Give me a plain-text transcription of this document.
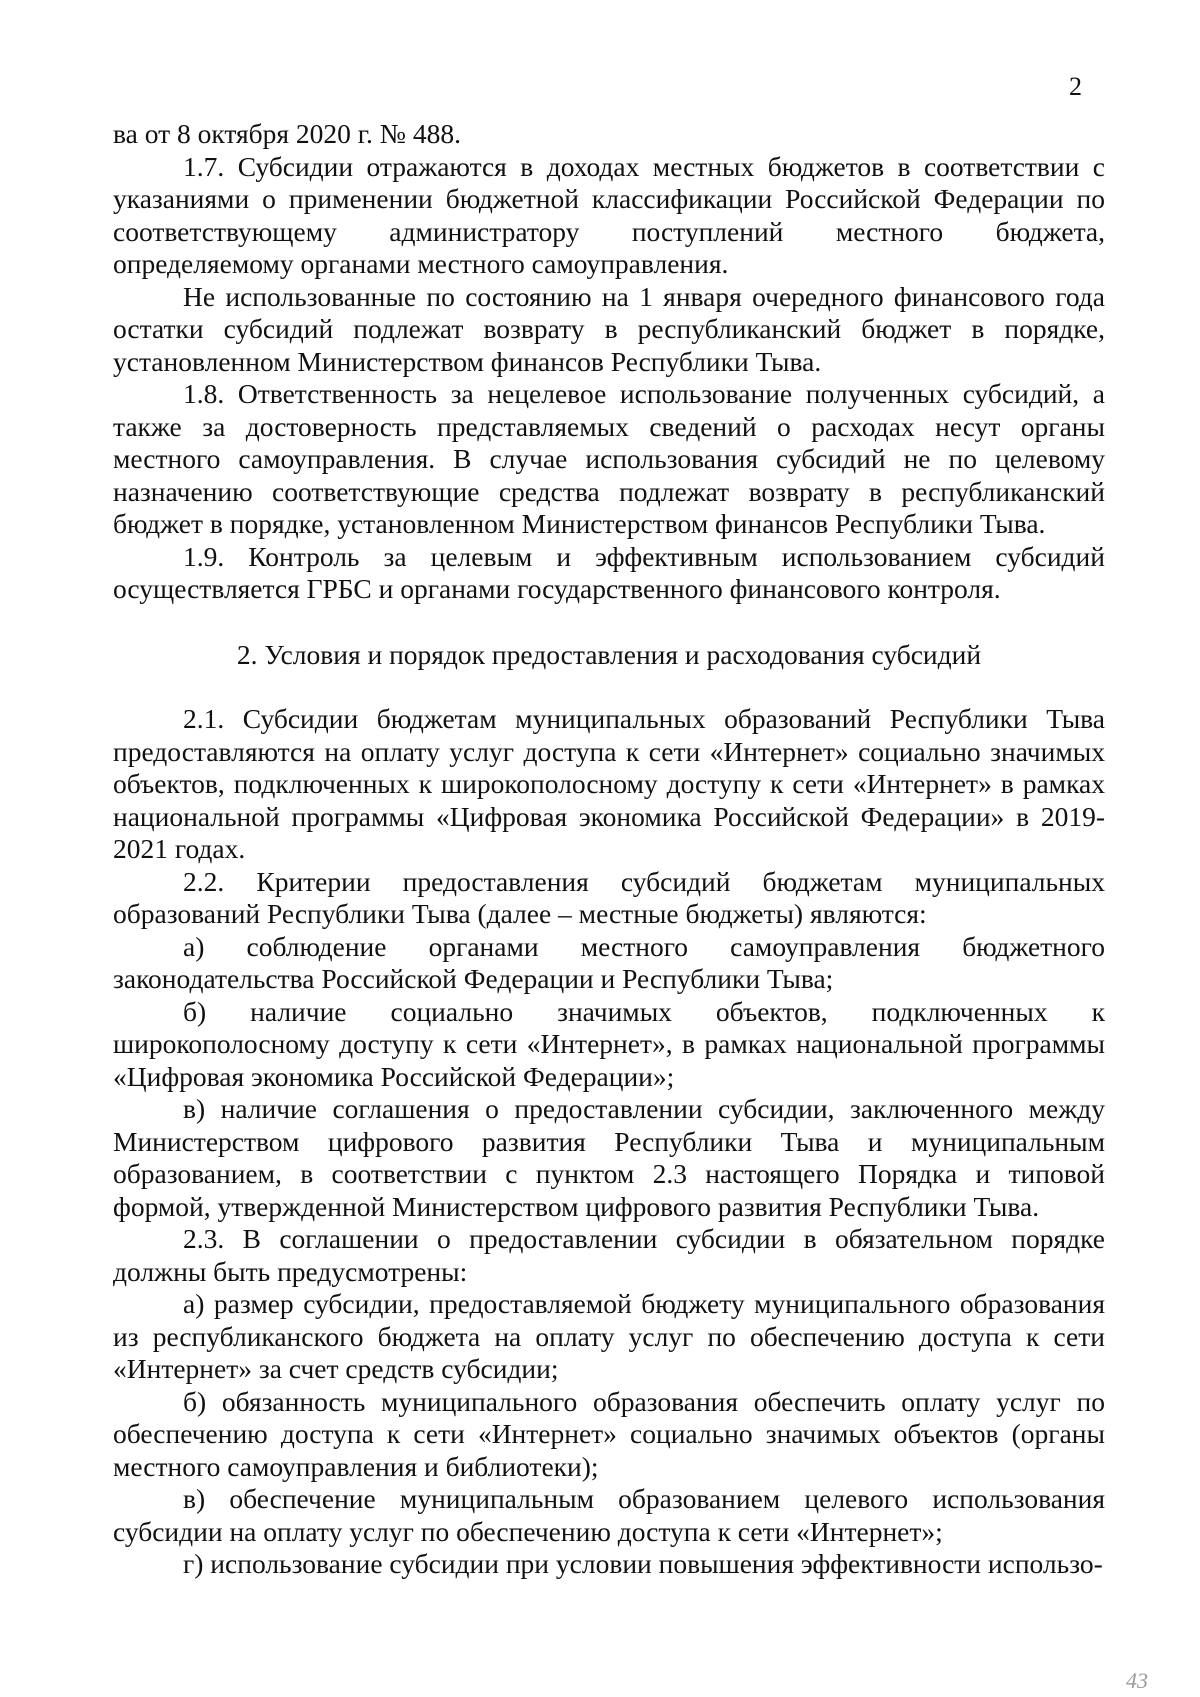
2

ва от 8 октября 2020 г. № 488.

1.7. Субсидии отражаются в доходах местных бюджетов в соответствии с указаниями о применении бюджетной классификации Российской Федерации по соответствующему администратору поступлений местного бюджета, определяемому органами местного самоуправления.

Не использованные по состоянию на 1 января очередного финансового года остатки субсидий подлежат возврату в республиканский бюджет в порядке, установленном Министерством финансов Республики Тыва.

1.8. Ответственность за нецелевое использование полученных субсидий, а также за достоверность представляемых сведений о расходах несут органы местного самоуправления. В случае использования субсидий не по целевому назначению соответствующие средства подлежат возврату в республиканский бюджет в порядке, установленном Министерством финансов Республики Тыва.

1.9. Контроль за целевым и эффективным использованием субсидий осуществляется ГРБС и органами государственного финансового контроля.

2. Условия и порядок предоставления и расходования субсидий

2.1. Субсидии бюджетам муниципальных образований Республики Тыва предоставляются на оплату услуг доступа к сети «Интернет» социально значимых объектов, подключенных к широкополосному доступу к сети «Интернет» в рамках национальной программы «Цифровая экономика Российской Федерации» в 2019-2021 годах.

2.2. Критерии предоставления субсидий бюджетам муниципальных образований Республики Тыва (далее – местные бюджеты) являются:

а) соблюдение органами местного самоуправления бюджетного законодательства Российской Федерации и Республики Тыва;

б) наличие социально значимых объектов, подключенных к широкополосному доступу к сети «Интернет», в рамках национальной программы «Цифровая экономика Российской Федерации»;

в) наличие соглашения о предоставлении субсидии, заключенного между Министерством цифрового развития Республики Тыва и муниципальным образованием, в соответствии с пунктом 2.3 настоящего Порядка и типовой формой, утвержденной Министерством цифрового развития Республики Тыва.

2.3. В соглашении о предоставлении субсидии в обязательном порядке должны быть предусмотрены:

а) размер субсидии, предоставляемой бюджету муниципального образования из республиканского бюджета на оплату услуг по обеспечению доступа к сети «Интернет» за счет средств субсидии;

б) обязанность муниципального образования обеспечить оплату услуг по обеспечению доступа к сети «Интернет» социально значимых объектов (органы местного самоуправления и библиотеки);

в) обеспечение муниципальным образованием целевого использования субсидии на оплату услуг по обеспечению доступа к сети «Интернет»;

г) использование субсидии при условии повышения эффективности использо-

43
